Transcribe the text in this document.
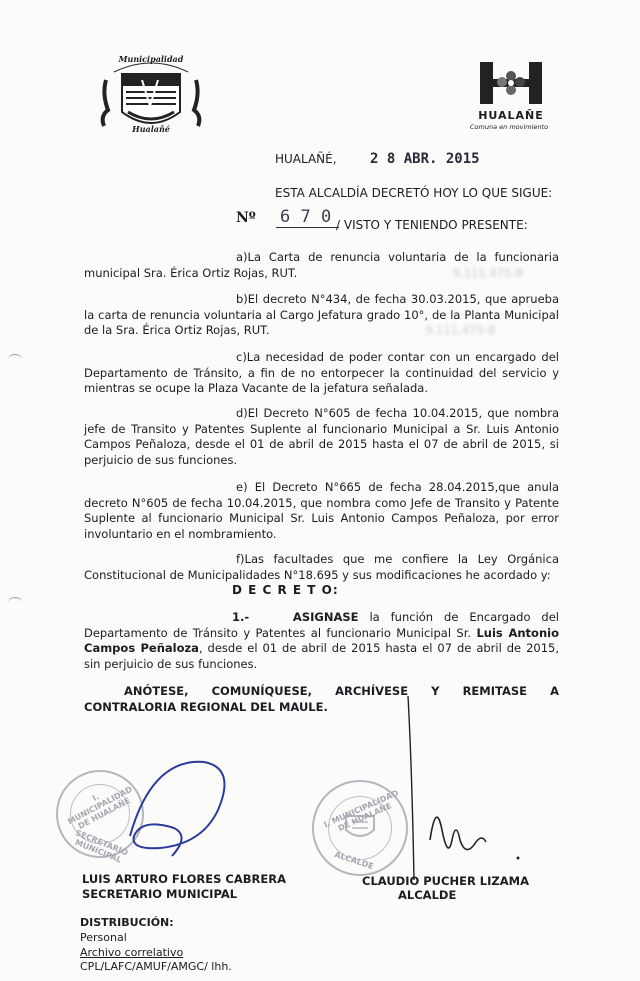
Municipalidad
Hualañé
HUALAÑE
Comuna en movimiento
HUALAÑÉ, 2 8 ABR. 2015
ESTA ALCALDÍA DECRETÓ HOY LO QUE SIGUE:
Nº 6 7 0 / VISTO Y TENIENDO PRESENTE:

a)La Carta de renuncia voluntaria de la funcionaria municipal Sra. Érica Ortiz Rojas, RUT.	9.111.475-8

b)El decreto N°434, de fecha 30.03.2015, que aprueba la carta de renuncia voluntaria al Cargo Jefatura grado 10°, de la Planta Municipal de la Sra. Érica Ortiz Rojas, RUT.	9.111.475-8

c)La necesidad de poder contar con un encargado del Departamento de Tránsito, a fin de no entorpecer la continuidad del servicio y mientras se ocupe la Plaza Vacante de la jefatura señalada.

d)El Decreto N°605 de fecha 10.04.2015, que nombra jefe de Transito y Patentes Suplente al funcionario Municipal a Sr. Luis Antonio Campos Peñaloza, desde el 01 de abril de 2015 hasta el 07 de abril de 2015, si perjuicio de sus funciones.

e) El Decreto N°665 de fecha 28.04.2015,que anula decreto N°605 de fecha 10.04.2015, que nombra como Jefe de Transito y Patente Suplente al funcionario Municipal Sr. Luis Antonio Campos Peñaloza, por error involuntario en el nombramiento.

f)Las facultades que me confiere la Ley Orgánica Constitucional de Municipalidades N°18.695 y sus modificaciones he acordado y:

D E C R E T O:

1.-	ASIGNASE la función de Encargado del Departamento de Tránsito y Patentes al funcionario Municipal Sr. Luis Antonio Campos Peñaloza, desde el 01 de abril de 2015 hasta el 07 de abril de 2015, sin perjuicio de sus funciones.

ANÓTESE, COMUNÍQUESE, ARCHÍVESE Y REMITASE A CONTRALORIA REGIONAL DEL MAULE.

I. MUNICIPALIDAD DE HUALAÑE
SECRETARIO MUNICIPAL
I. MUNICIPALIDAD DE HUALAÑE
ALCALDE
LUIS ARTURO FLORES CABRERA
SECRETARIO MUNICIPAL
CLAUDIO PUCHER LIZAMA
ALCALDE
DISTRIBUCIÓN:
Personal
Archivo correlativo
CPL/LAFC/AMUF/AMGC/ lhh.
